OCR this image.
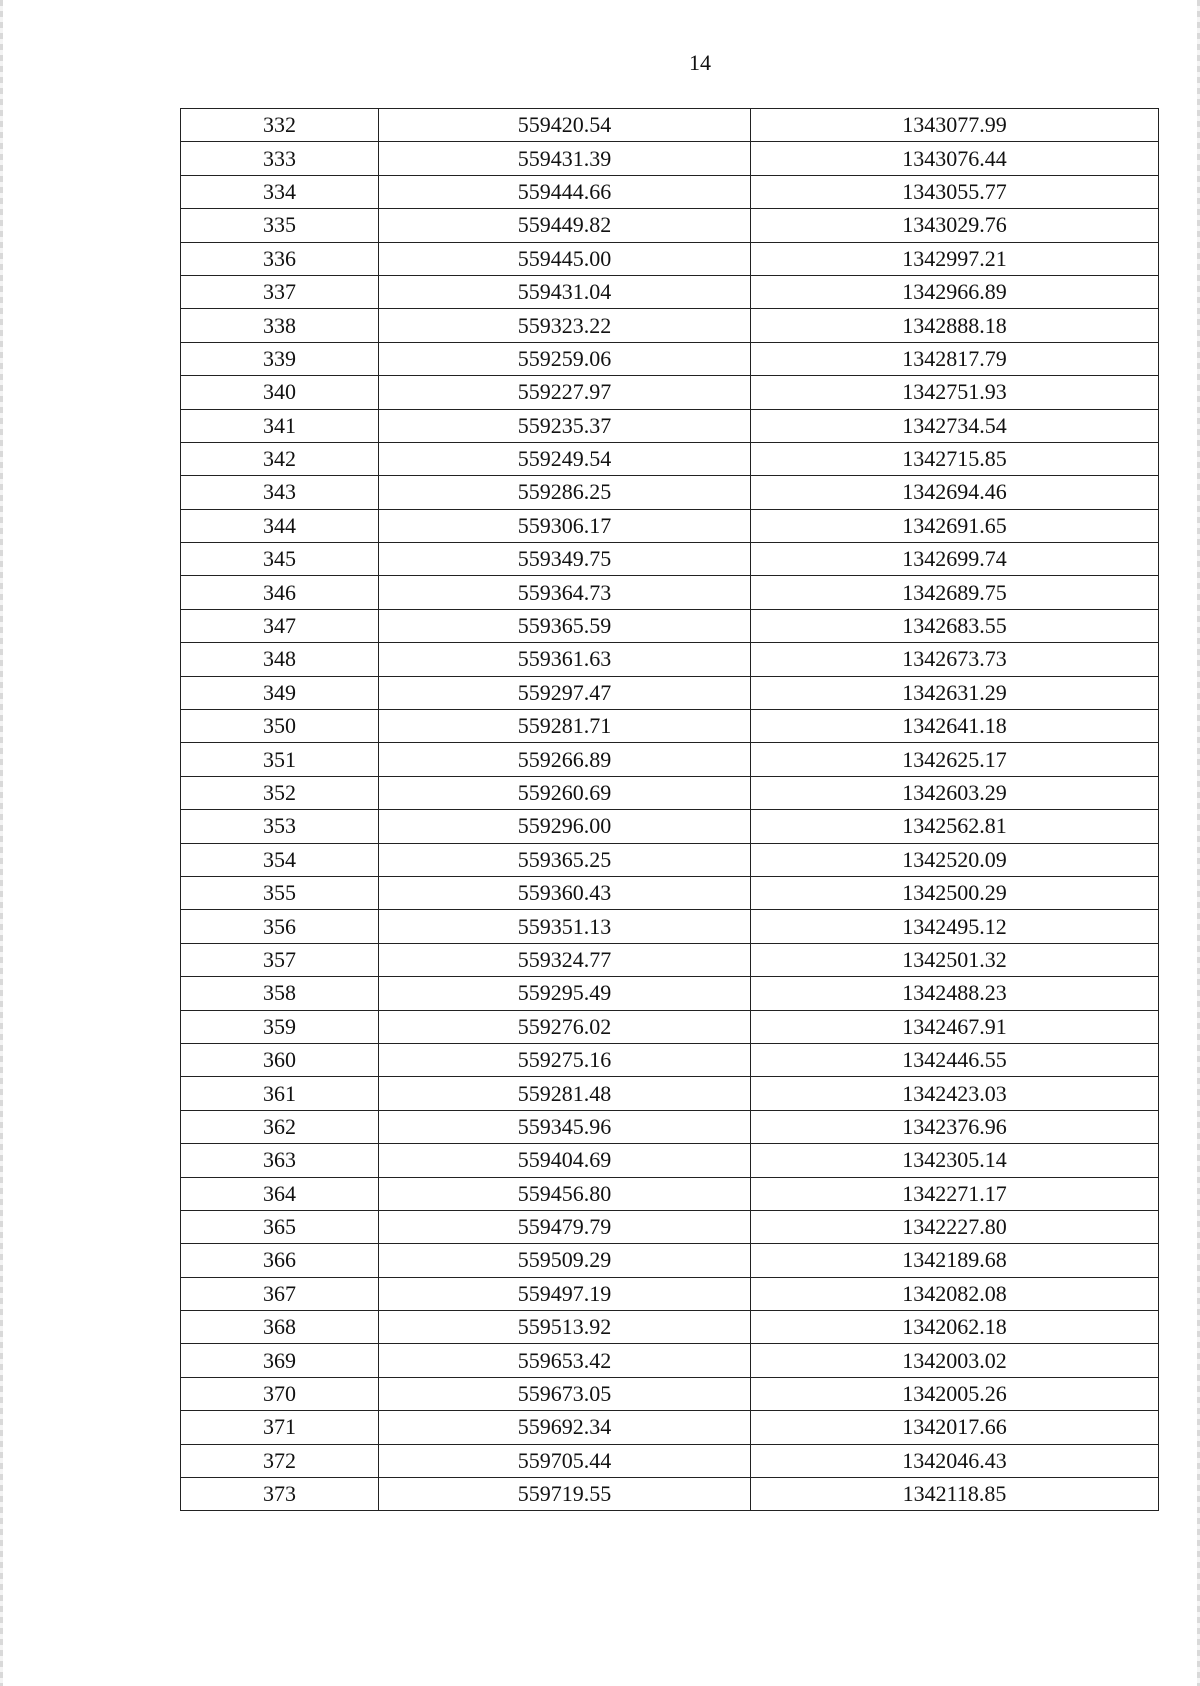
14
332	559420.54	1343077.99
333	559431.39	1343076.44
334	559444.66	1343055.77
335	559449.82	1343029.76
336	559445.00	1342997.21
337	559431.04	1342966.89
338	559323.22	1342888.18
339	559259.06	1342817.79
340	559227.97	1342751.93
341	559235.37	1342734.54
342	559249.54	1342715.85
343	559286.25	1342694.46
344	559306.17	1342691.65
345	559349.75	1342699.74
346	559364.73	1342689.75
347	559365.59	1342683.55
348	559361.63	1342673.73
349	559297.47	1342631.29
350	559281.71	1342641.18
351	559266.89	1342625.17
352	559260.69	1342603.29
353	559296.00	1342562.81
354	559365.25	1342520.09
355	559360.43	1342500.29
356	559351.13	1342495.12
357	559324.77	1342501.32
358	559295.49	1342488.23
359	559276.02	1342467.91
360	559275.16	1342446.55
361	559281.48	1342423.03
362	559345.96	1342376.96
363	559404.69	1342305.14
364	559456.80	1342271.17
365	559479.79	1342227.80
366	559509.29	1342189.68
367	559497.19	1342082.08
368	559513.92	1342062.18
369	559653.42	1342003.02
370	559673.05	1342005.26
371	559692.34	1342017.66
372	559705.44	1342046.43
373	559719.55	1342118.85
